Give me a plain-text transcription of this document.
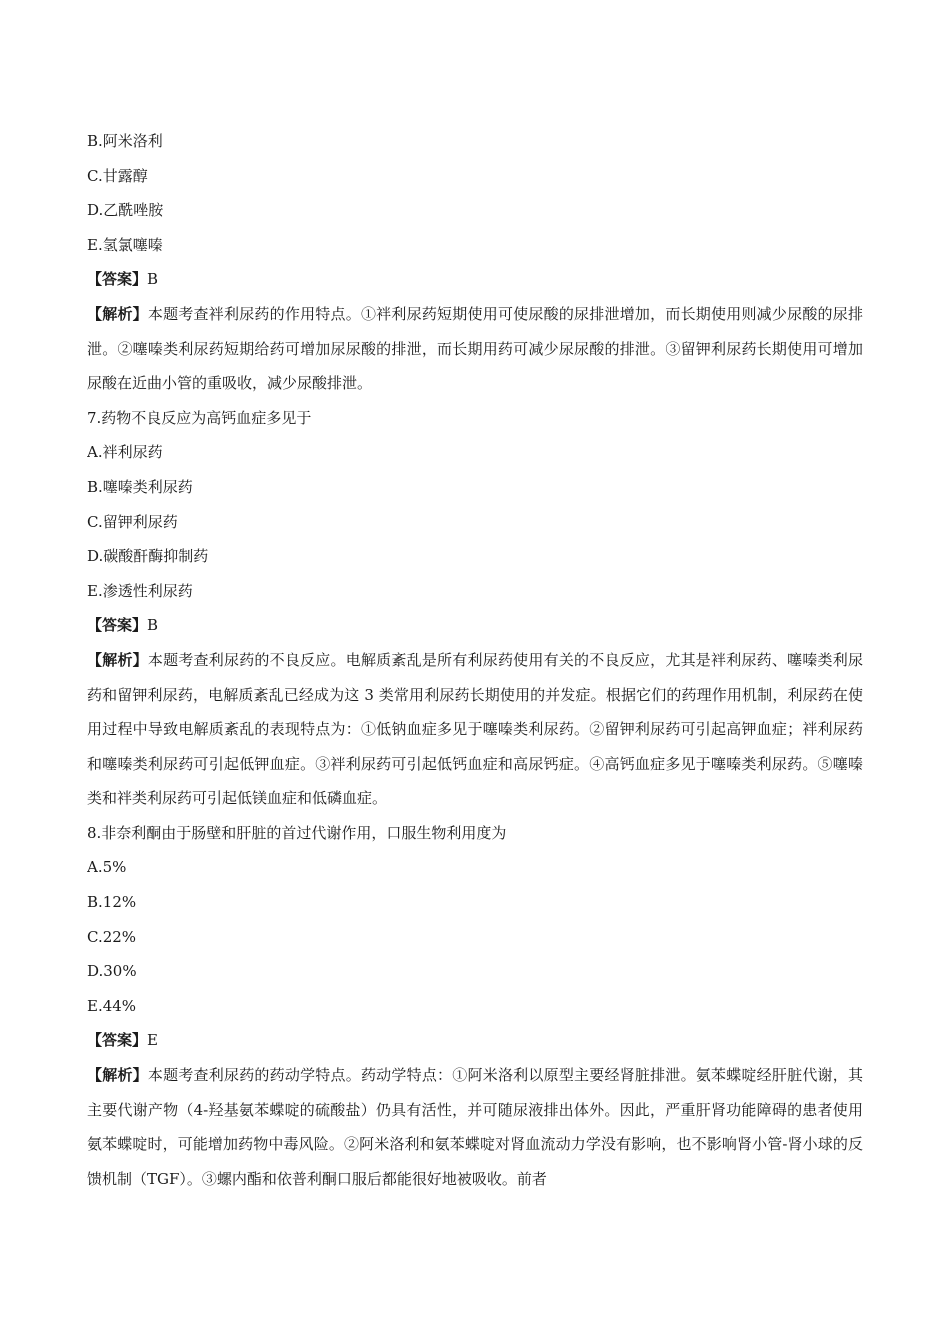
B.阿米洛利
C.甘露醇
D.乙酰唑胺
E.氢氯噻嗪
【答案】B
【解析】本题考查袢利尿药的作用特点。①袢利尿药短期使用可使尿酸的尿排泄增加，而长期使用则减少尿酸的尿排泄。②噻嗪类利尿药短期给药可增加尿尿酸的排泄，而长期用药可减少尿尿酸的排泄。③留钾利尿药长期使用可增加尿酸在近曲小管的重吸收，减少尿酸排泄。
7.药物不良反应为高钙血症多见于
A.袢利尿药
B.噻嗪类利尿药
C.留钾利尿药
D.碳酸酐酶抑制药
E.渗透性利尿药
【答案】B
【解析】本题考查利尿药的不良反应。电解质紊乱是所有利尿药使用有关的不良反应，尤其是袢利尿药、噻嗪类利尿药和留钾利尿药，电解质紊乱已经成为这 3 类常用利尿药长期使用的并发症。根据它们的药理作用机制，利尿药在使用过程中导致电解质紊乱的表现特点为：①低钠血症多见于噻嗪类利尿药。②留钾利尿药可引起高钾血症；袢利尿药和噻嗪类利尿药可引起低钾血症。③袢利尿药可引起低钙血症和高尿钙症。④高钙血症多见于噻嗪类利尿药。⑤噻嗪类和袢类利尿药可引起低镁血症和低磷血症。
8.非奈利酮由于肠壁和肝脏的首过代谢作用，口服生物利用度为
A.5%
B.12%
C.22%
D.30%
E.44%
【答案】E
【解析】本题考查利尿药的药动学特点。药动学特点：①阿米洛利以原型主要经肾脏排泄。氨苯蝶啶经肝脏代谢，其主要代谢产物（4-羟基氨苯蝶啶的硫酸盐）仍具有活性，并可随尿液排出体外。因此，严重肝肾功能障碍的患者使用氨苯蝶啶时，可能增加药物中毒风险。②阿米洛利和氨苯蝶啶对肾血流动力学没有影响，也不影响肾小管-肾小球的反馈机制（TGF）。③螺内酯和依普利酮口服后都能很好地被吸收。前者
